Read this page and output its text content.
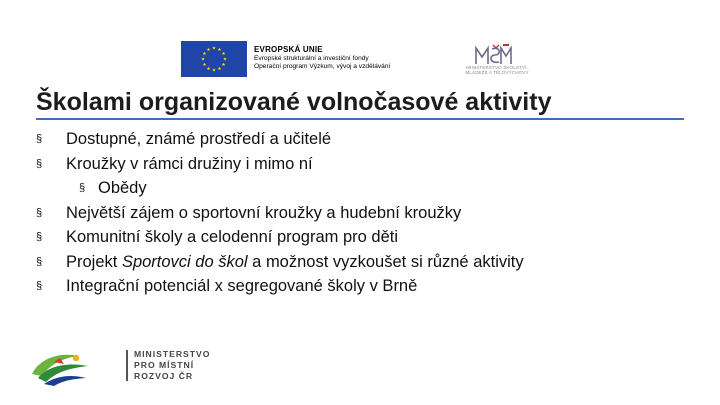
EVROPSKÁ UNIE
Evropské strukturální a investiční fondy
Operační program Výzkum, vývoj a vzdělávání	MINISTERSTVO ŠKOLSTVÍ,
MLÁDEŽE A TĚLOVÝCHOVY
Školami organizované volnočasové aktivity
§ Dostupné, známé prostředí a učitelé
§ Kroužky v rámci družiny i mimo ní
§ Obědy
§ Největší zájem o sportovní kroužky a hudební kroužky
§ Komunitní školy a celodenní program pro děti
§ Projekt Sportovci do škol a možnost vyzkoušet si různé aktivity
§ Integrační potenciál x segregované školy v Brně
MINISTERSTVO
PRO MÍSTNÍ
ROZVOJ ČR
